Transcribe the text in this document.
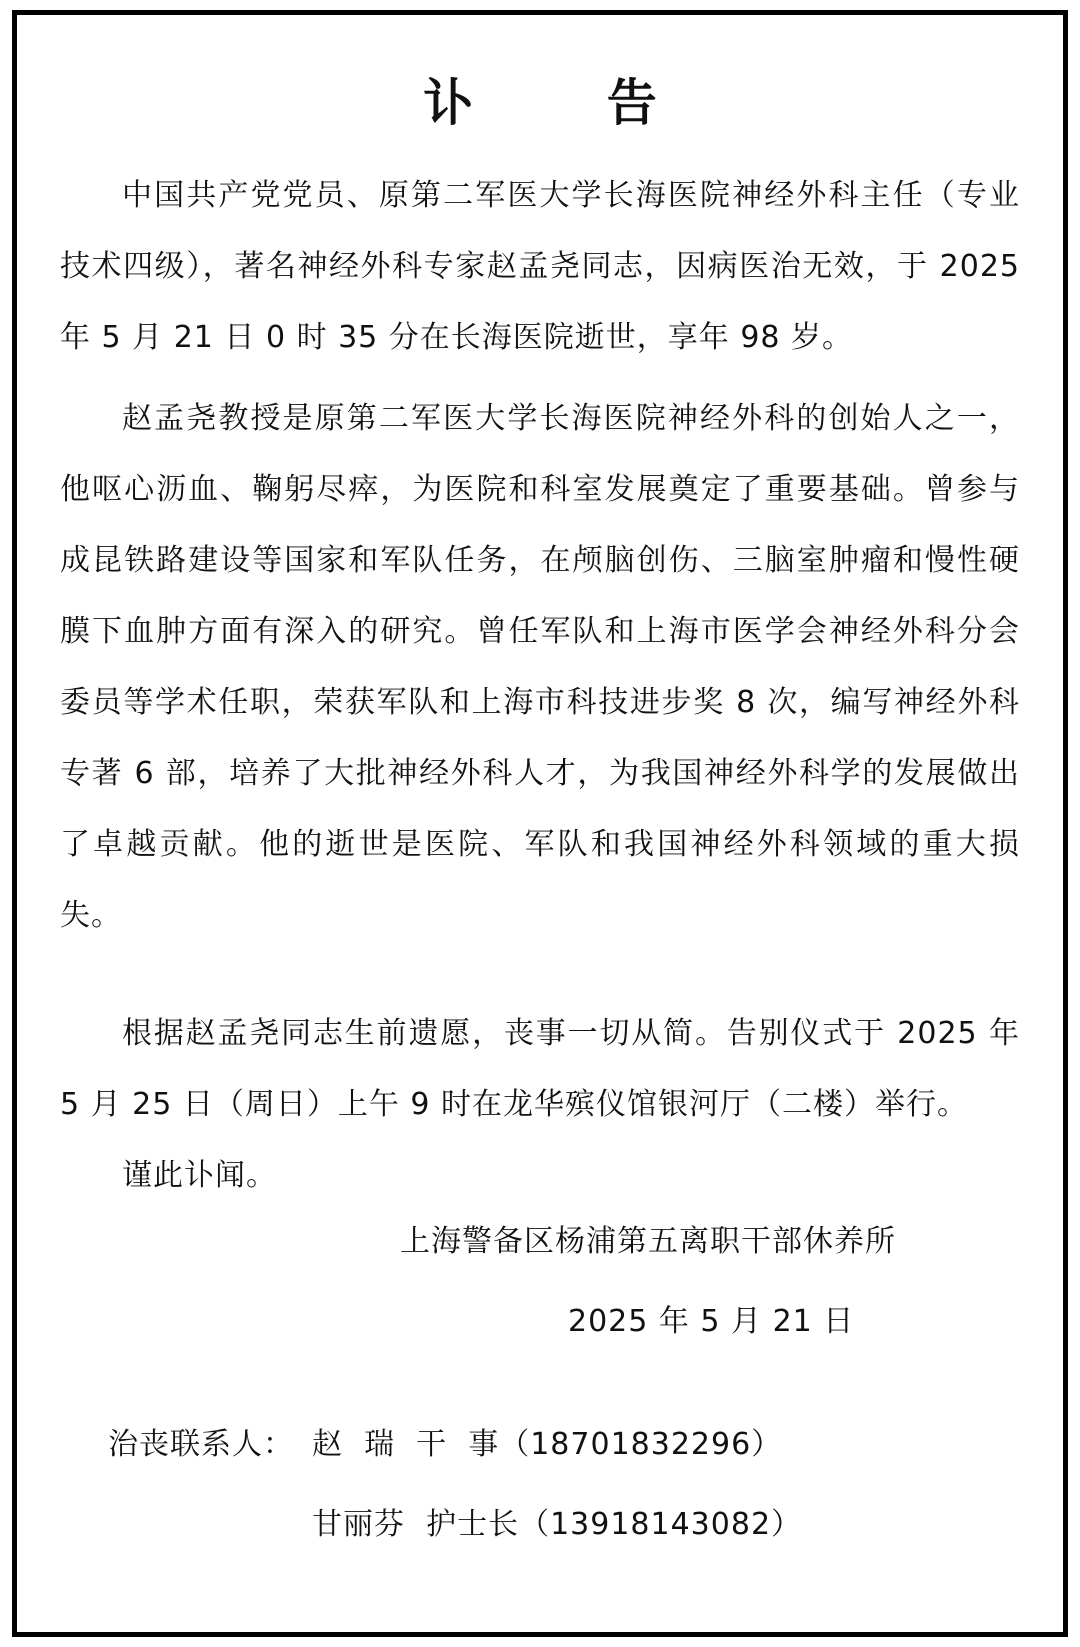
讣 告
中国共产党党员、原第二军医大学长海医院神经外科主任（专业技术四级），著名神经外科专家赵孟尧同志，因病医治无效，于 2025 年 5 月 21 日 0 时 35 分在长海医院逝世，享年 98 岁。
赵孟尧教授是原第二军医大学长海医院神经外科的创始人之一，他呕心沥血、鞠躬尽瘁，为医院和科室发展奠定了重要基础。曾参与成昆铁路建设等国家和军队任务，在颅脑创伤、三脑室肿瘤和慢性硬膜下血肿方面有深入的研究。曾任军队和上海市医学会神经外科分会委员等学术任职，荣获军队和上海市科技进步奖 8 次，编写神经外科专著 6 部，培养了大批神经外科人才，为我国神经外科学的发展做出了卓越贡献。他的逝世是医院、军队和我国神经外科领域的重大损失。
根据赵孟尧同志生前遗愿，丧事一切从简。告别仪式于 2025 年 5 月 25 日（周日）上午 9 时在龙华殡仪馆银河厅（二楼）举行。
谨此讣闻。
上海警备区杨浦第五离职干部休养所
2025 年 5 月 21 日
治丧联系人： 赵  瑞  干  事（18701832296）
甘丽芬  护士长（13918143082）
